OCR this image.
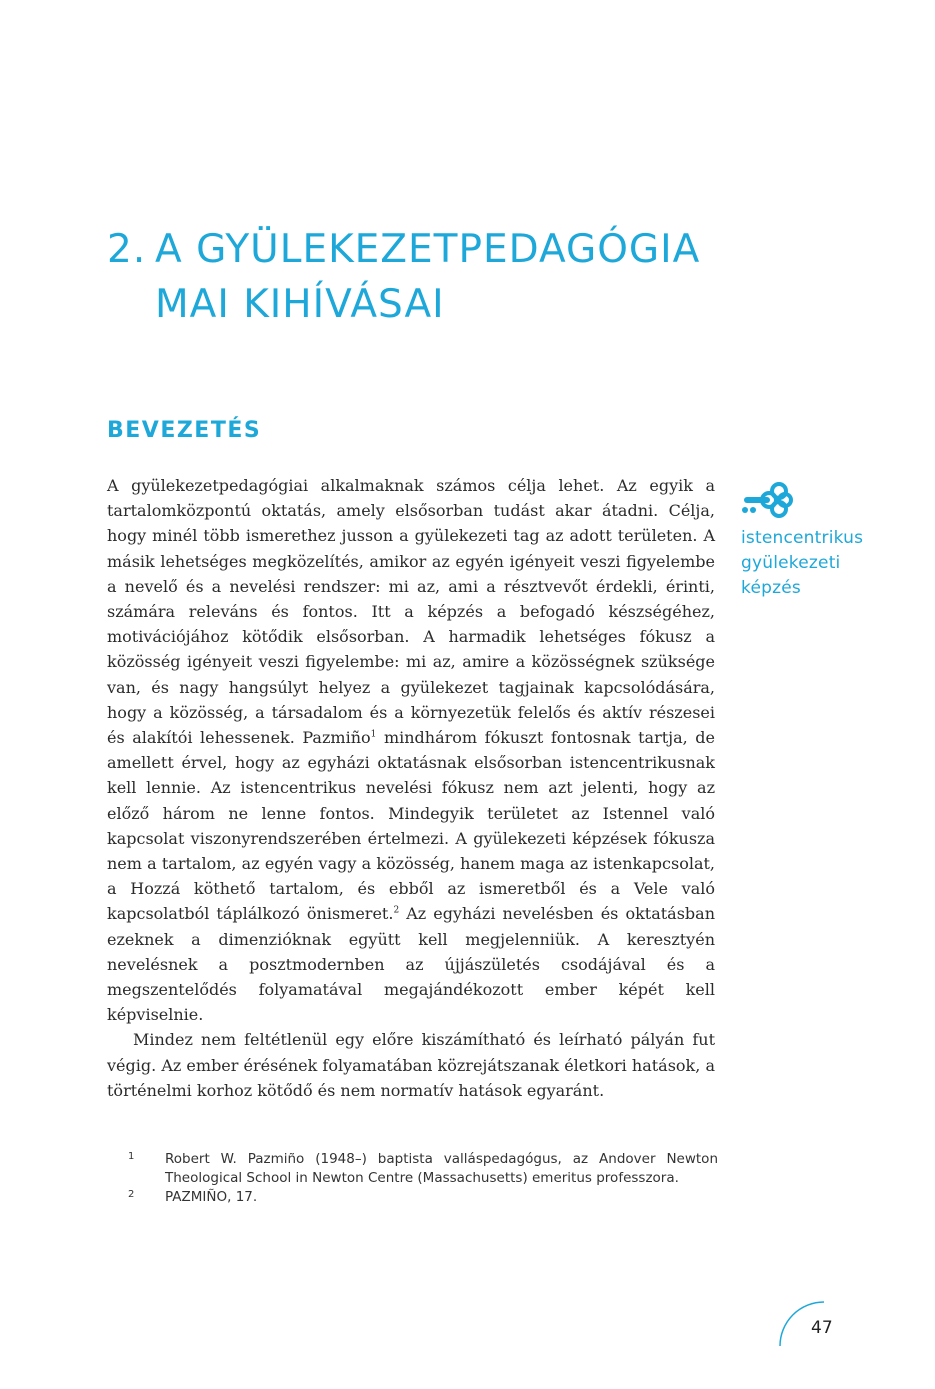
2. A GYÜLEKEZETPEDAGÓGIA
MAI KIHÍVÁSAI
BEVEZETÉS

A gyülekezetpedagógiai alkalmaknak számos célja lehet. Az egyik a tartalomközpontú oktatás, amely elsősorban tudást akar átadni. Célja, hogy minél több ismerethez jusson a gyülekezeti tag az adott területen. A másik lehetséges megközelítés, amikor az egyén igényeit veszi figyelembe a nevelő és a nevelési rendszer: mi az, ami a résztvevőt érdekli, érinti, számára releváns és fontos. Itt a képzés a befogadó készségéhez, motivációjához kötődik elsősorban. A harmadik lehetséges fókusz a közösség igényeit veszi figyelembe: mi az, amire a közösségnek szüksége van, és nagy hangsúlyt helyez a gyülekezet tagjainak kapcsolódására, hogy a közösség, a társadalom és a környezetük felelős és aktív részesei és alakítói lehessenek. Pazmiño$^1$ mindhárom fókuszt fontosnak tartja, de amellett érvel, hogy az egyházi oktatásnak elsősorban istencentrikusnak kell lennie. Az istencentrikus nevelési fókusz nem azt jelenti, hogy az előző három ne lenne fontos. Mindegyik területet az Istennel való kapcsolat viszonyrendszerében értelmezi. A gyülekezeti képzések fókusza nem a tartalom, az egyén vagy a közösség, hanem maga az istenkapcsolat, a Hozzá köthető tartalom, és ebből az ismeretből és a Vele való kapcsolatból táplálkozó önismeret.$^2$ Az egyházi nevelésben és oktatásban ezeknek a dimenzióknak együtt kell megjelenniük. A keresztyén nevelésnek a posztmodernben az újjászületés csodájával és a megszentelődés folyamatával megajándékozott ember képét kell képviselnie.

Mindez nem feltétlenül egy előre kiszámítható és leírható pályán fut végig. Az ember érésének folyamatában közrejátszanak életkori hatások, a történelmi korhoz kötődő és nem normatív hatások egyaránt.

istencentrikus
gyülekezeti
képzés
1	Robert W. Pazmiño (1948–) baptista valláspedagógus, az Andover Newton Theological School in Newton Centre (Massachusetts) emeritus professzora.
2	PAZMIÑO, 17.
47
